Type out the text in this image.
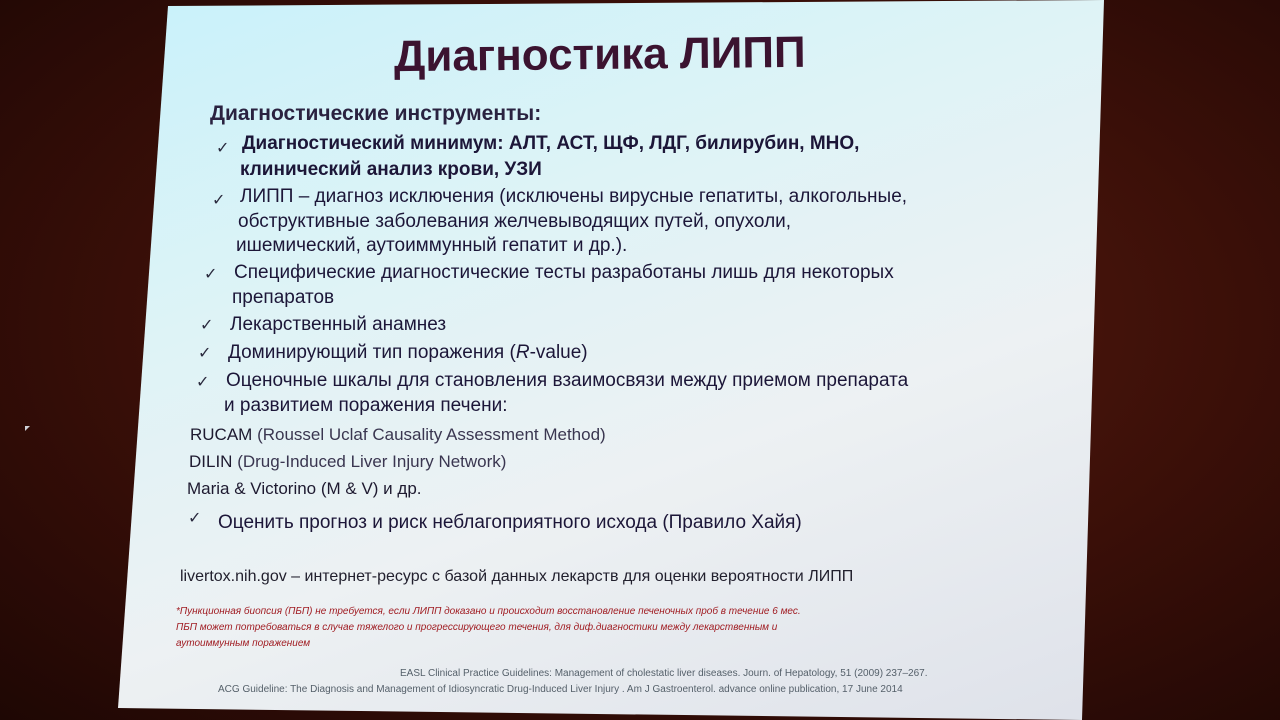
Диагностика ЛИПП
Диагностические инструменты:
✓ Диагностический минимум: АЛТ, АСТ, ЩФ, ЛДГ, билирубин, МНО,
клинический анализ крови, УЗИ
✓ ЛИПП – диагноз исключения (исключены вирусные гепатиты, алкогольные,
обструктивные заболевания желчевыводящих путей, опухоли,
ишемический, аутоиммунный гепатит и др.).
✓ Специфические диагностические тесты разработаны лишь для некоторых
препаратов
✓ Лекарственный анамнез
✓ Доминирующий тип поражения (R-value)
✓ Оценочные шкалы для становления взаимосвязи между приемом препарата
и развитием поражения печени:
RUCAM (Roussel Uclaf Causality Assessment Method)
DILIN (Drug-Induced Liver Injury Network)
Maria & Victorino (M & V) и др.
✓ Оценить прогноз и риск неблагоприятного исхода (Правило Хайя)
livertox.nih.gov – интернет-ресурс с базой данных лекарств для оценки вероятности ЛИПП
*Пункционная биопсия (ПБП) не требуется, если ЛИПП доказано и происходит восстановление печеночных проб в течение 6 мес.
ПБП может потребоваться в случае тяжелого и прогрессирующего течения, для диф.диагностики между лекарственным и
аутоиммунным поражением
EASL Clinical Practice Guidelines: Management of cholestatic liver diseases. Journ. of Hepatology, 51 (2009) 237–267.
ACG Guideline: The Diagnosis and Management of Idiosyncratic Drug-Induced Liver Injury . Am J Gastroenterol. advance online publication, 17 June 2014
